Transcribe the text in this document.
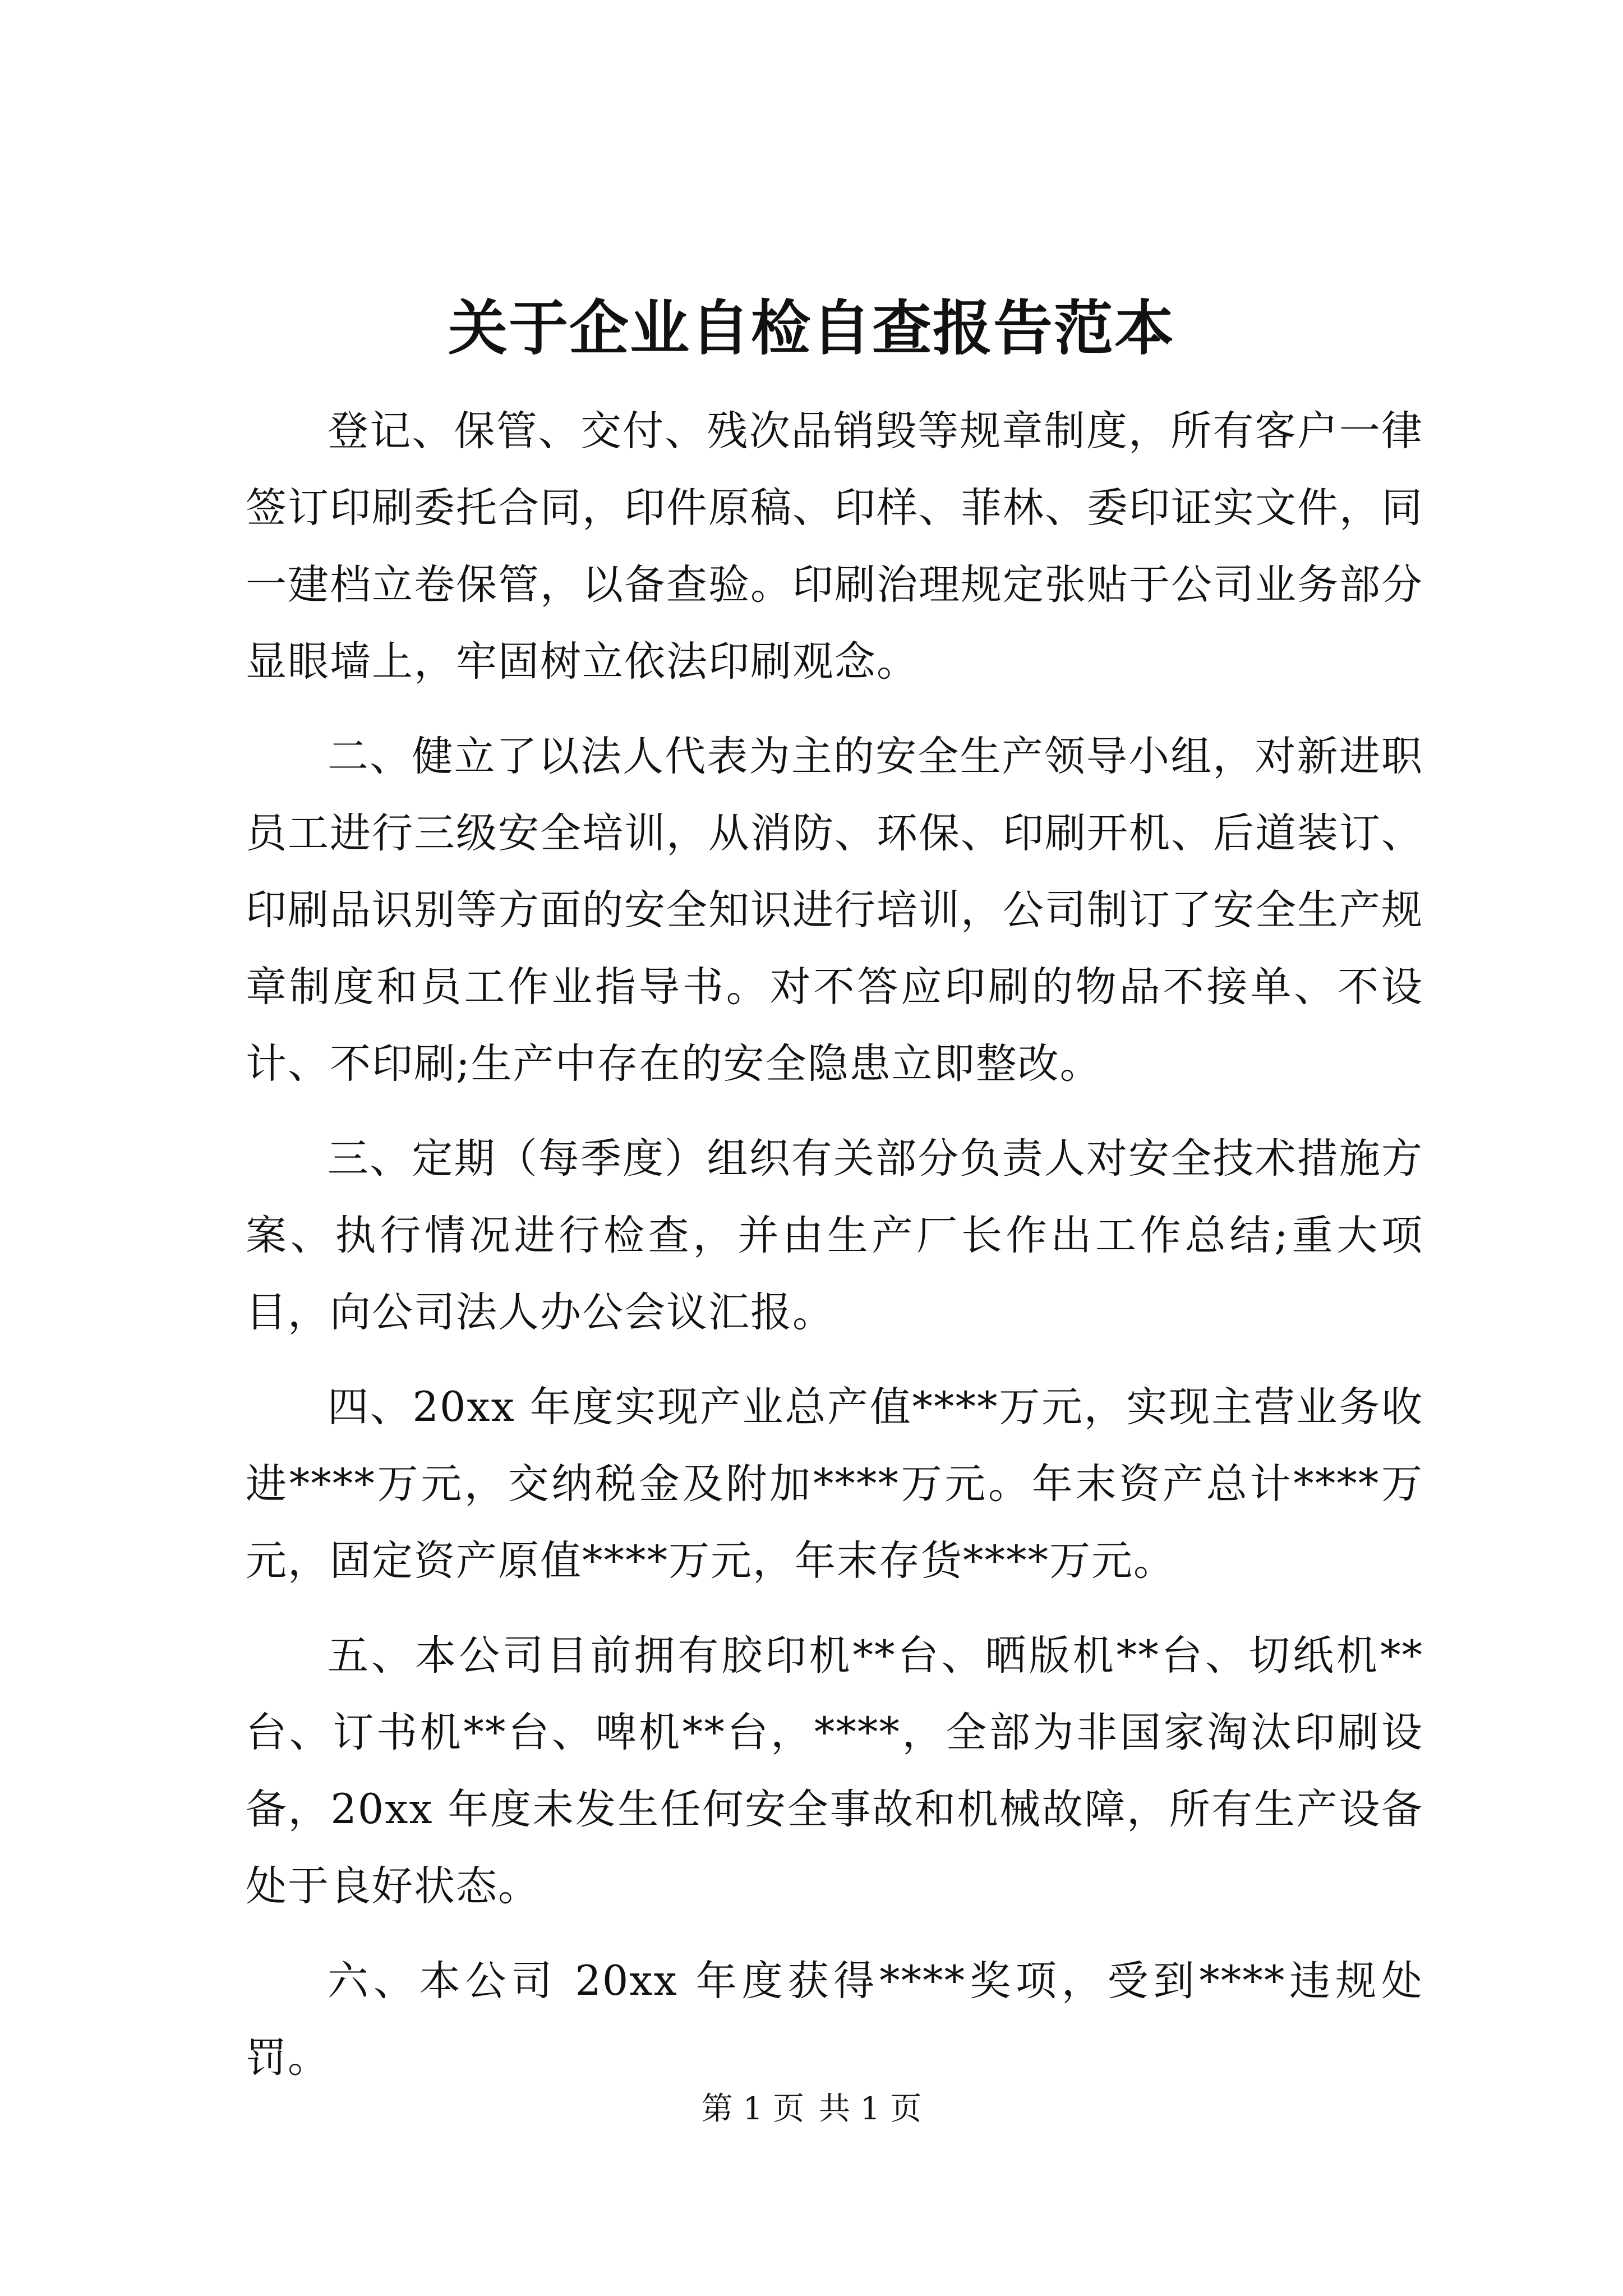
关于企业自检自查报告范本

登记、保管、交付、残次品销毁等规章制度，所有客户一律签订印刷委托合同，印件原稿、印样、菲林、委印证实文件，同一建档立卷保管，以备查验。印刷治理规定张贴于公司业务部分显眼墙上，牢固树立依法印刷观念。

二、健立了以法人代表为主的安全生产领导小组，对新进职员工进行三级安全培训，从消防、环保、印刷开机、后道装订、印刷品识别等方面的安全知识进行培训，公司制订了安全生产规章制度和员工作业指导书。对不答应印刷的物品不接单、不设计、不印刷;生产中存在的安全隐患立即整改。

三、定期（每季度）组织有关部分负责人对安全技术措施方案、执行情况进行检查，并由生产厂长作出工作总结;重大项目，向公司法人办公会议汇报。

四、20xx 年度实现产业总产值****万元，实现主营业务收进****万元，交纳税金及附加****万元。年末资产总计****万元，固定资产原值****万元，年末存货****万元。

五、本公司目前拥有胶印机**台、晒版机**台、切纸机**台、订书机**台、啤机**台，****，全部为非国家淘汰印刷设备，20xx 年度未发生任何安全事故和机械故障，所有生产设备处于良好状态。

六、本公司 20xx 年度获得****奖项，受到****违规处罚。

第 1 页 共 1 页
